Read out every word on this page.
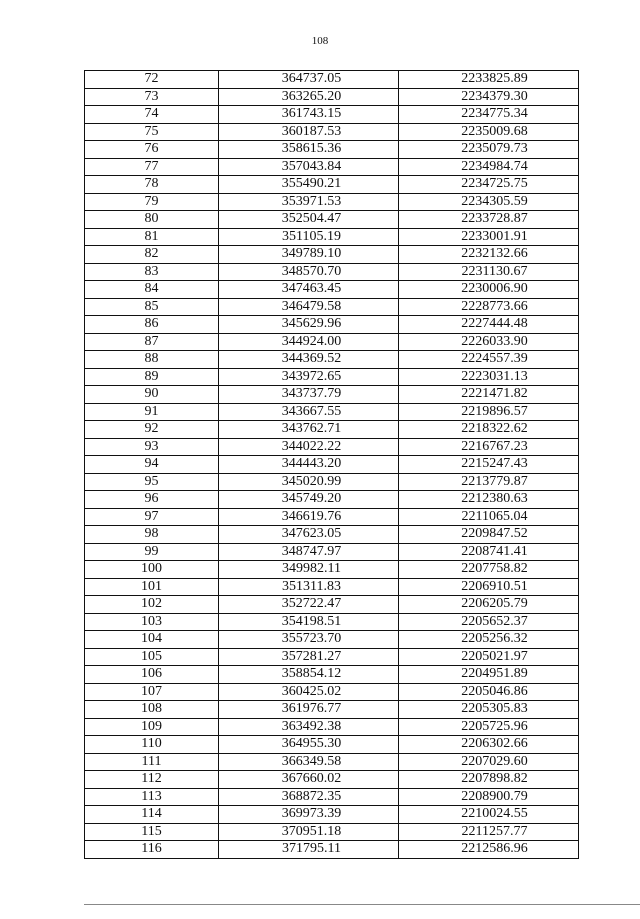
108
72	364737.05	2233825.89
73	363265.20	2234379.30
74	361743.15	2234775.34
75	360187.53	2235009.68
76	358615.36	2235079.73
77	357043.84	2234984.74
78	355490.21	2234725.75
79	353971.53	2234305.59
80	352504.47	2233728.87
81	351105.19	2233001.91
82	349789.10	2232132.66
83	348570.70	2231130.67
84	347463.45	2230006.90
85	346479.58	2228773.66
86	345629.96	2227444.48
87	344924.00	2226033.90
88	344369.52	2224557.39
89	343972.65	2223031.13
90	343737.79	2221471.82
91	343667.55	2219896.57
92	343762.71	2218322.62
93	344022.22	2216767.23
94	344443.20	2215247.43
95	345020.99	2213779.87
96	345749.20	2212380.63
97	346619.76	2211065.04
98	347623.05	2209847.52
99	348747.97	2208741.41
100	349982.11	2207758.82
101	351311.83	2206910.51
102	352722.47	2206205.79
103	354198.51	2205652.37
104	355723.70	2205256.32
105	357281.27	2205021.97
106	358854.12	2204951.89
107	360425.02	2205046.86
108	361976.77	2205305.83
109	363492.38	2205725.96
110	364955.30	2206302.66
111	366349.58	2207029.60
112	367660.02	2207898.82
113	368872.35	2208900.79
114	369973.39	2210024.55
115	370951.18	2211257.77
116	371795.11	2212586.96
